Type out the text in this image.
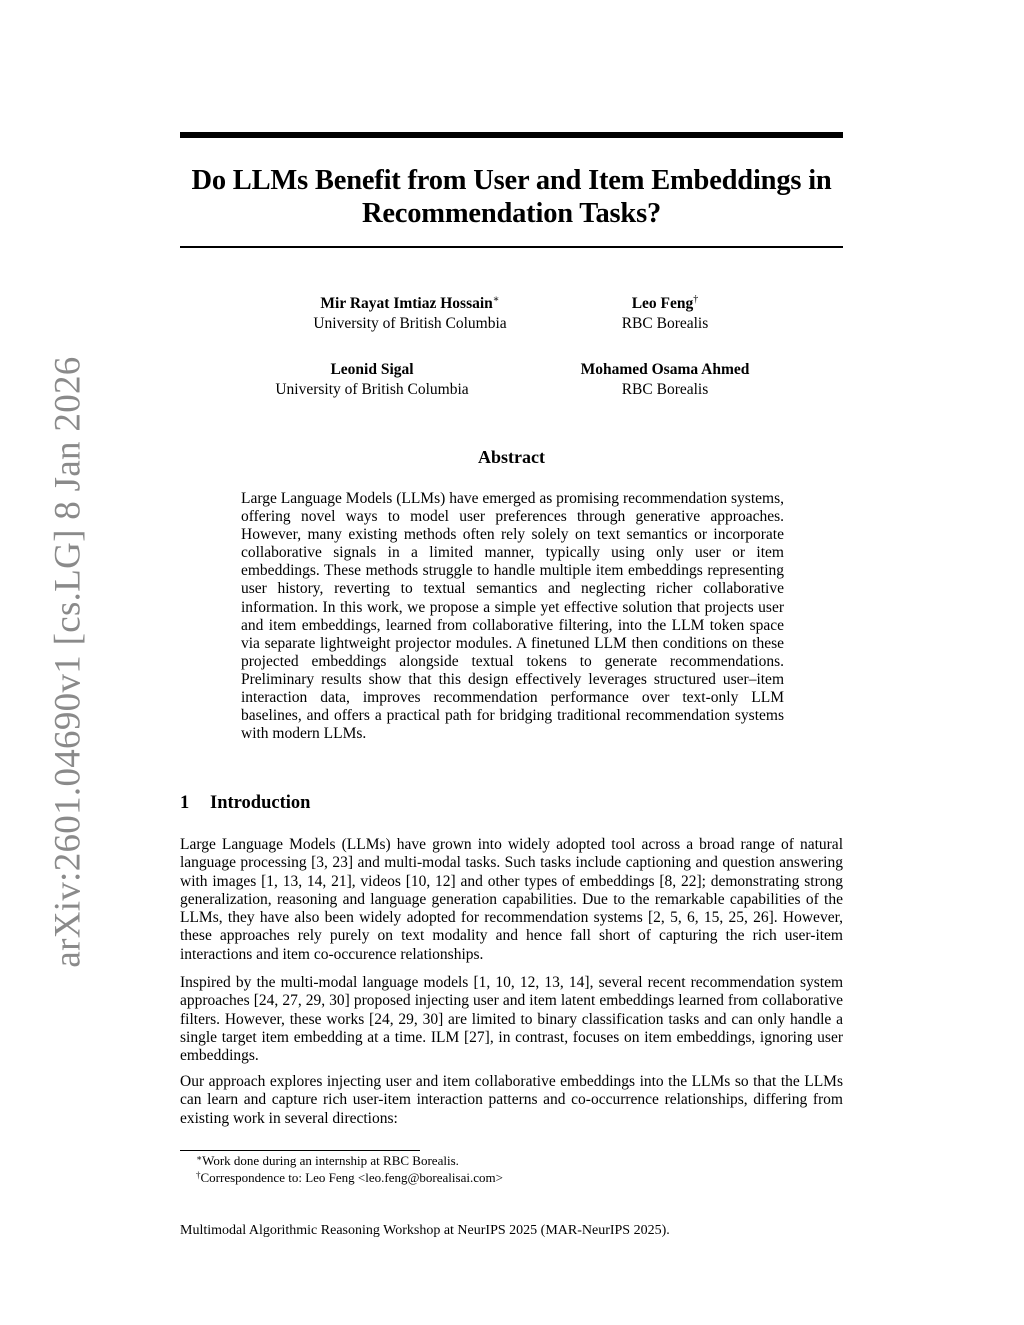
arXiv:2601.04690v1 [cs.LG] 8 Jan 2026
Do LLMs Benefit from User and Item Embeddings in Recommendation Tasks?
Mir Rayat Imtiaz Hossain∗
University of British Columbia
Leo Feng†
RBC Borealis
Leonid Sigal
University of British Columbia
Mohamed Osama Ahmed
RBC Borealis
Abstract
Large Language Models (LLMs) have emerged as promising recommendation systems, offering novel ways to model user preferences through generative approaches. However, many existing methods often rely solely on text semantics or incorporate collaborative signals in a limited manner, typically using only user or item embeddings. These methods struggle to handle multiple item embeddings representing user history, reverting to textual semantics and neglecting richer collaborative information. In this work, we propose a simple yet effective solution that projects user and item embeddings, learned from collaborative filtering, into the LLM token space via separate lightweight projector modules. A finetuned LLM then conditions on these projected embeddings alongside textual tokens to generate recommendations. Preliminary results show that this design effectively leverages structured user–item interaction data, improves recommendation performance over text-only LLM baselines, and offers a practical path for bridging traditional recommendation systems with modern LLMs.
1 Introduction

Large Language Models (LLMs) have grown into widely adopted tool across a broad range of natural language processing [3, 23] and multi-modal tasks. Such tasks include captioning and question answering with images [1, 13, 14, 21], videos [10, 12] and other types of embeddings [8, 22]; demonstrating strong generalization, reasoning and language generation capabilities. Due to the remarkable capabilities of the LLMs, they have also been widely adopted for recommendation systems [2, 5, 6, 15, 25, 26]. However, these approaches rely purely on text modality and hence fall short of capturing the rich user-item interactions and item co-occurence relationships.

Inspired by the multi-modal language models [1, 10, 12, 13, 14], several recent recommendation system approaches [24, 27, 29, 30] proposed injecting user and item latent embeddings learned from collaborative filters. However, these works [24, 29, 30] are limited to binary classification tasks and can only handle a single target item embedding at a time. ILM [27], in contrast, focuses on item embeddings, ignoring user embeddings.

Our approach explores injecting user and item collaborative embeddings into the LLMs so that the LLMs can learn and capture rich user-item interaction patterns and co-occurrence relationships, differing from existing work in several directions:

∗Work done during an internship at RBC Borealis.
†Correspondence to: Leo Feng <leo.feng@borealisai.com>
Multimodal Algorithmic Reasoning Workshop at NeurIPS 2025 (MAR-NeurIPS 2025).
